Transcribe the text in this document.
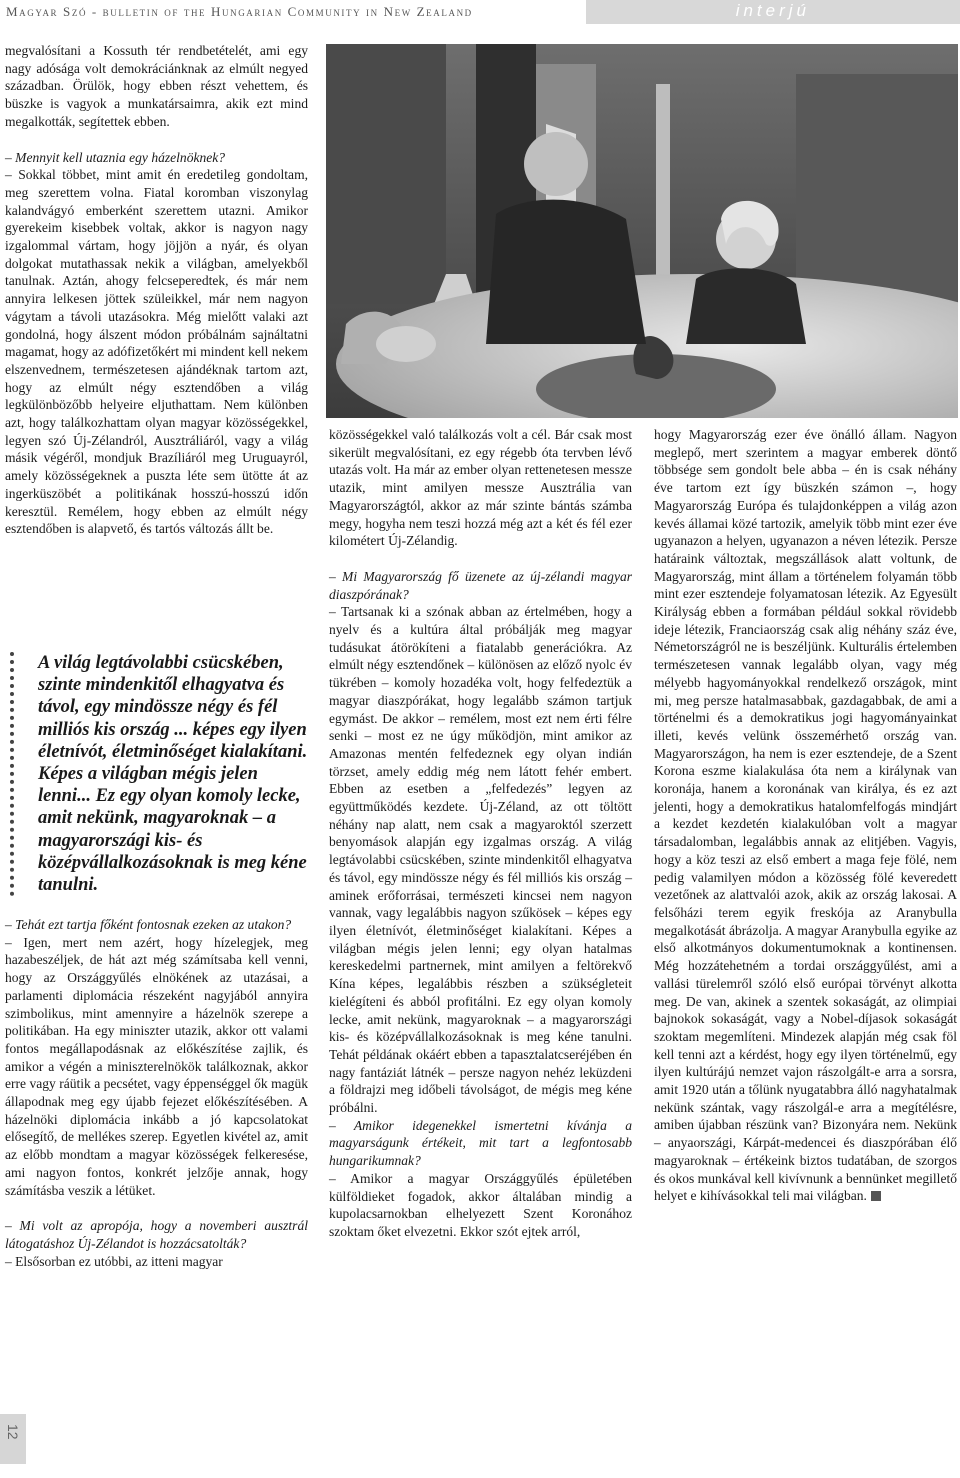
Magyar Szó - bulletin of the Hungarian Community in New Zealand	interjú

megvalósítani a Kossuth tér rendbetételét, ami egy nagy adósága volt demokráciánknak az elmúlt negyed században. Örülök, hogy ebben részt vehettem, és büszke is vagyok a munkatársaimra, akik ezt mind megalkották, segítettek ebben.

– Mennyit kell utaznia egy házelnöknek?

– Sokkal többet, mint amit én eredetileg gondoltam, meg szerettem volna. Fiatal koromban viszonylag kalandvágyó emberként szerettem utazni. Amikor gyerekeim kisebbek voltak, akkor is nagyon nagy izgalommal vártam, hogy jöjjön a nyár, és olyan dolgokat mutathassak nekik a világban, amelyekből tanulnak. Aztán, ahogy felcseperedtek, és már nem annyira lelkesen jöttek szüleikkel, már nem nagyon vágytam a távoli utazásokra. Még mielőtt valaki azt gondolná, hogy álszent módon próbálnám sajnáltatni magamat, hogy az adófizetőkért mi mindent kell nekem elszenvednem, természetesen ajándéknak tartom azt, hogy az elmúlt négy esztendőben a világ legkülönbözőbb helyeire eljuthattam. Nem különben azt, hogy találkozhattam olyan magyar közösségekkel, legyen szó Új-Zélandról, Ausztráliáról, vagy a világ másik végéről, mondjuk Brazíliáról meg Uruguayról, amely közösségeknek a puszta léte sem ütötte át az ingerküszöbét a politikának hosszú-hosszú időn keresztül. Remélem, hogy ebben az elmúlt négy esztendőben is alapvető, és tartós változás állt be.

A világ legtávolabbi csücskében, szinte mindenkitől elhagyatva és távol, egy mindössze négy és fél milliós kis ország ... képes egy ilyen életnívót, életminőséget kialakítani. Képes a világban mégis jelen lenni... Ez egy olyan komoly lecke, amit nekünk, magyaroknak – a magyarországi kis- és középvállalkozásoknak is meg kéne tanulni.

– Tehát ezt tartja főként fontosnak ezeken az utakon?

– Igen, mert nem azért, hogy hízelegjek, meg hazabeszéljek, de hát azt még számítsaba kell venni, hogy az Országgyűlés elnökének az utazásai, a parlamenti diplomácia részeként nagyjából annyira szimbolikus, mint amennyire a házelnök szerepe a politikában. Ha egy miniszter utazik, akkor ott valami fontos megállapodásnak az előkészítése zajlik, és amikor a végén a miniszterelnökök találkoznak, akkor erre vagy ráütik a pecsétet, vagy éppenséggel ők magük állapodnak meg egy újabb fejezet előkészítésében. A házelnöki diplomácia inkább a jó kapcsolatokat elősegítő, de mellékes szerep. Egyetlen kivétel az, amit az előbb mondtam a magyar közösségek felkeresése, ami nagyon fontos, konkrét jelzője annak, hogy számításba veszik a létüket.

– Mi volt az apropója, hogy a novemberi ausztrál látogatáshoz Új-Zélandot is hozzácsatolták?

– Elsősorban ez utóbbi, az itteni magyar

közösségekkel való találkozás volt a cél. Bár csak most sikerült megvalósítani, ez egy régebb óta tervben lévő utazás volt. Ha már az ember olyan rettenetesen messze utazik, mint amilyen messze Ausztrália van Magyarországtól, akkor az már szinte bántás számba megy, hogyha nem teszi hozzá még azt a két és fél ezer kilométert Új-Zélandig.

– Mi Magyarország fő üzenete az új-zélandi magyar diaszpórának?

– Tartsanak ki a szónak abban az értelmében, hogy a nyelv és a kultúra által próbálják meg magyar tudásukat átörökíteni a fiatalabb generációkra. Az elmúlt négy esztendőnek – különösen az előző nyolc év tükrében – komoly hozadéka volt, hogy felfedeztük a magyar diaszpórákat, hogy legalább számon tartjuk egymást. De akkor – remélem, most ezt nem érti félre senki – most ez ne úgy működjön, mint amikor az Amazonas mentén felfedeznek egy olyan indián törzset, amely eddig még nem látott fehér embert. Ebben az esetben a „felfedezés” legyen az együttműködés kezdete. Új-Zéland, az ott töltött néhány nap alatt, nem csak a magyaroktól szerzett benyomások alapján egy izgalmas ország. A világ legtávolabbi csücskében, szinte mindenkitől elhagyatva és távol, egy mindössze négy és fél milliós kis ország – aminek erőforrásai, természeti kincsei nem nagyon vannak, vagy legalábbis nagyon szűkösek – képes egy ilyen életnívót, életminőséget kialakítani. Képes a világban mégis jelen lenni; egy olyan hatalmas kereskedelmi partnernek, mint amilyen a feltörekvő Kína képes, legalábbis részben a szükségleteit kielégíteni és abból profitálni. Ez egy olyan komoly lecke, amit nekünk, magyaroknak – a magyarországi kis- és középvállalkozásoknak is meg kéne tanulni. Tehát példának okáért ebben a tapasztalatcseréjében én nagy fantáziát látnék – persze nagyon nehéz leküzdeni a földrajzi meg időbeli távolságot, de mégis meg kéne próbálni.

– Amikor idegenekkel ismertetni kívánja a magyarságunk értékeit, mit tart a legfontosabb hungarikumnak?

– Amikor a magyar Országgyűlés épületében külföldieket fogadok, akkor általában mindig a kupolacsarnokban elhelyezett Szent Koronához szoktam őket elvezetni. Ekkor szót ejtek arról,

hogy Magyarország ezer éve önálló állam. Nagyon meglepő, mert szerintem a magyar emberek döntő többsége sem gondolt bele abba – én is csak néhány éve tartom ezt így büszkén számon –, hogy Magyarország Európa és tulajdonképpen a világ azon kevés államai közé tartozik, amelyik több mint ezer éve ugyanazon a helyen, ugyanazon a néven létezik. Persze határaink változtak, megszállások alatt voltunk, de Magyarország, mint állam a történelem folyamán több mint ezer esztendeje folyamatosan létezik. Az Egyesült Királyság ebben a formában például sokkal rövidebb ideje létezik, Franciaország csak alig néhány száz éve, Németországról ne is beszéljünk. Kulturális értelemben természetesen vannak legalább olyan, vagy még mélyebb hagyományokkal rendelkező országok, mint mi, meg persze hatalmasabbak, gazdagabbak, de ami a történelmi és a demokratikus jogi hagyományainkat illeti, kevés velünk összemérhető ország van. Magyarországon, ha nem is ezer esztendeje, de a Szent Korona eszme kialakulása óta nem a királynak van koronája, hanem a koronának van királya, és ez azt jelenti, hogy a demokratikus hatalomfelfogás mindjárt a kezdet kezdetén kialakulóban volt a magyar társadalomban, legalábbis annak az elitjében. Vagyis, hogy a köz teszi az első embert a maga feje fölé, nem pedig valamilyen módon a közösség fölé keveredett vezetőnek az alattvalói azok, akik az ország lakosai. A felsőházi terem egyik freskója az Aranybulla megalkotását ábrázolja. A magyar Aranybulla egyike az első alkotmányos dokumentumoknak a kontinensen. Még hozzátehetném a tordai országgyűlést, ami a vallási türelemről szóló első európai törvényt alkotta meg. De van, akinek a szentek sokaságát, az olimpiai bajnokok sokaságát, vagy a Nobel-díjasok sokaságát szoktam megemlíteni. Mindezek alapján még csak föl kell tenni azt a kérdést, hogy egy ilyen történelmű, egy ilyen kultúrájú nemzet vajon rászolgált-e arra a sorsra, amit 1920 után a tőlünk nyugatabbra álló nagyhatalmak nekünk szántak, vagy rászolgál-e arra a megítélésre, amiben újabban részünk van? Bizonyára nem. Nekünk – anyaországi, Kárpát-medencei és diaszpórában élő magyaroknak – értékeink biztos tudatában, de szorgos és okos munkával kell kivívnunk a bennünket megillető helyet e kihívásokkal teli mai világban.

12
